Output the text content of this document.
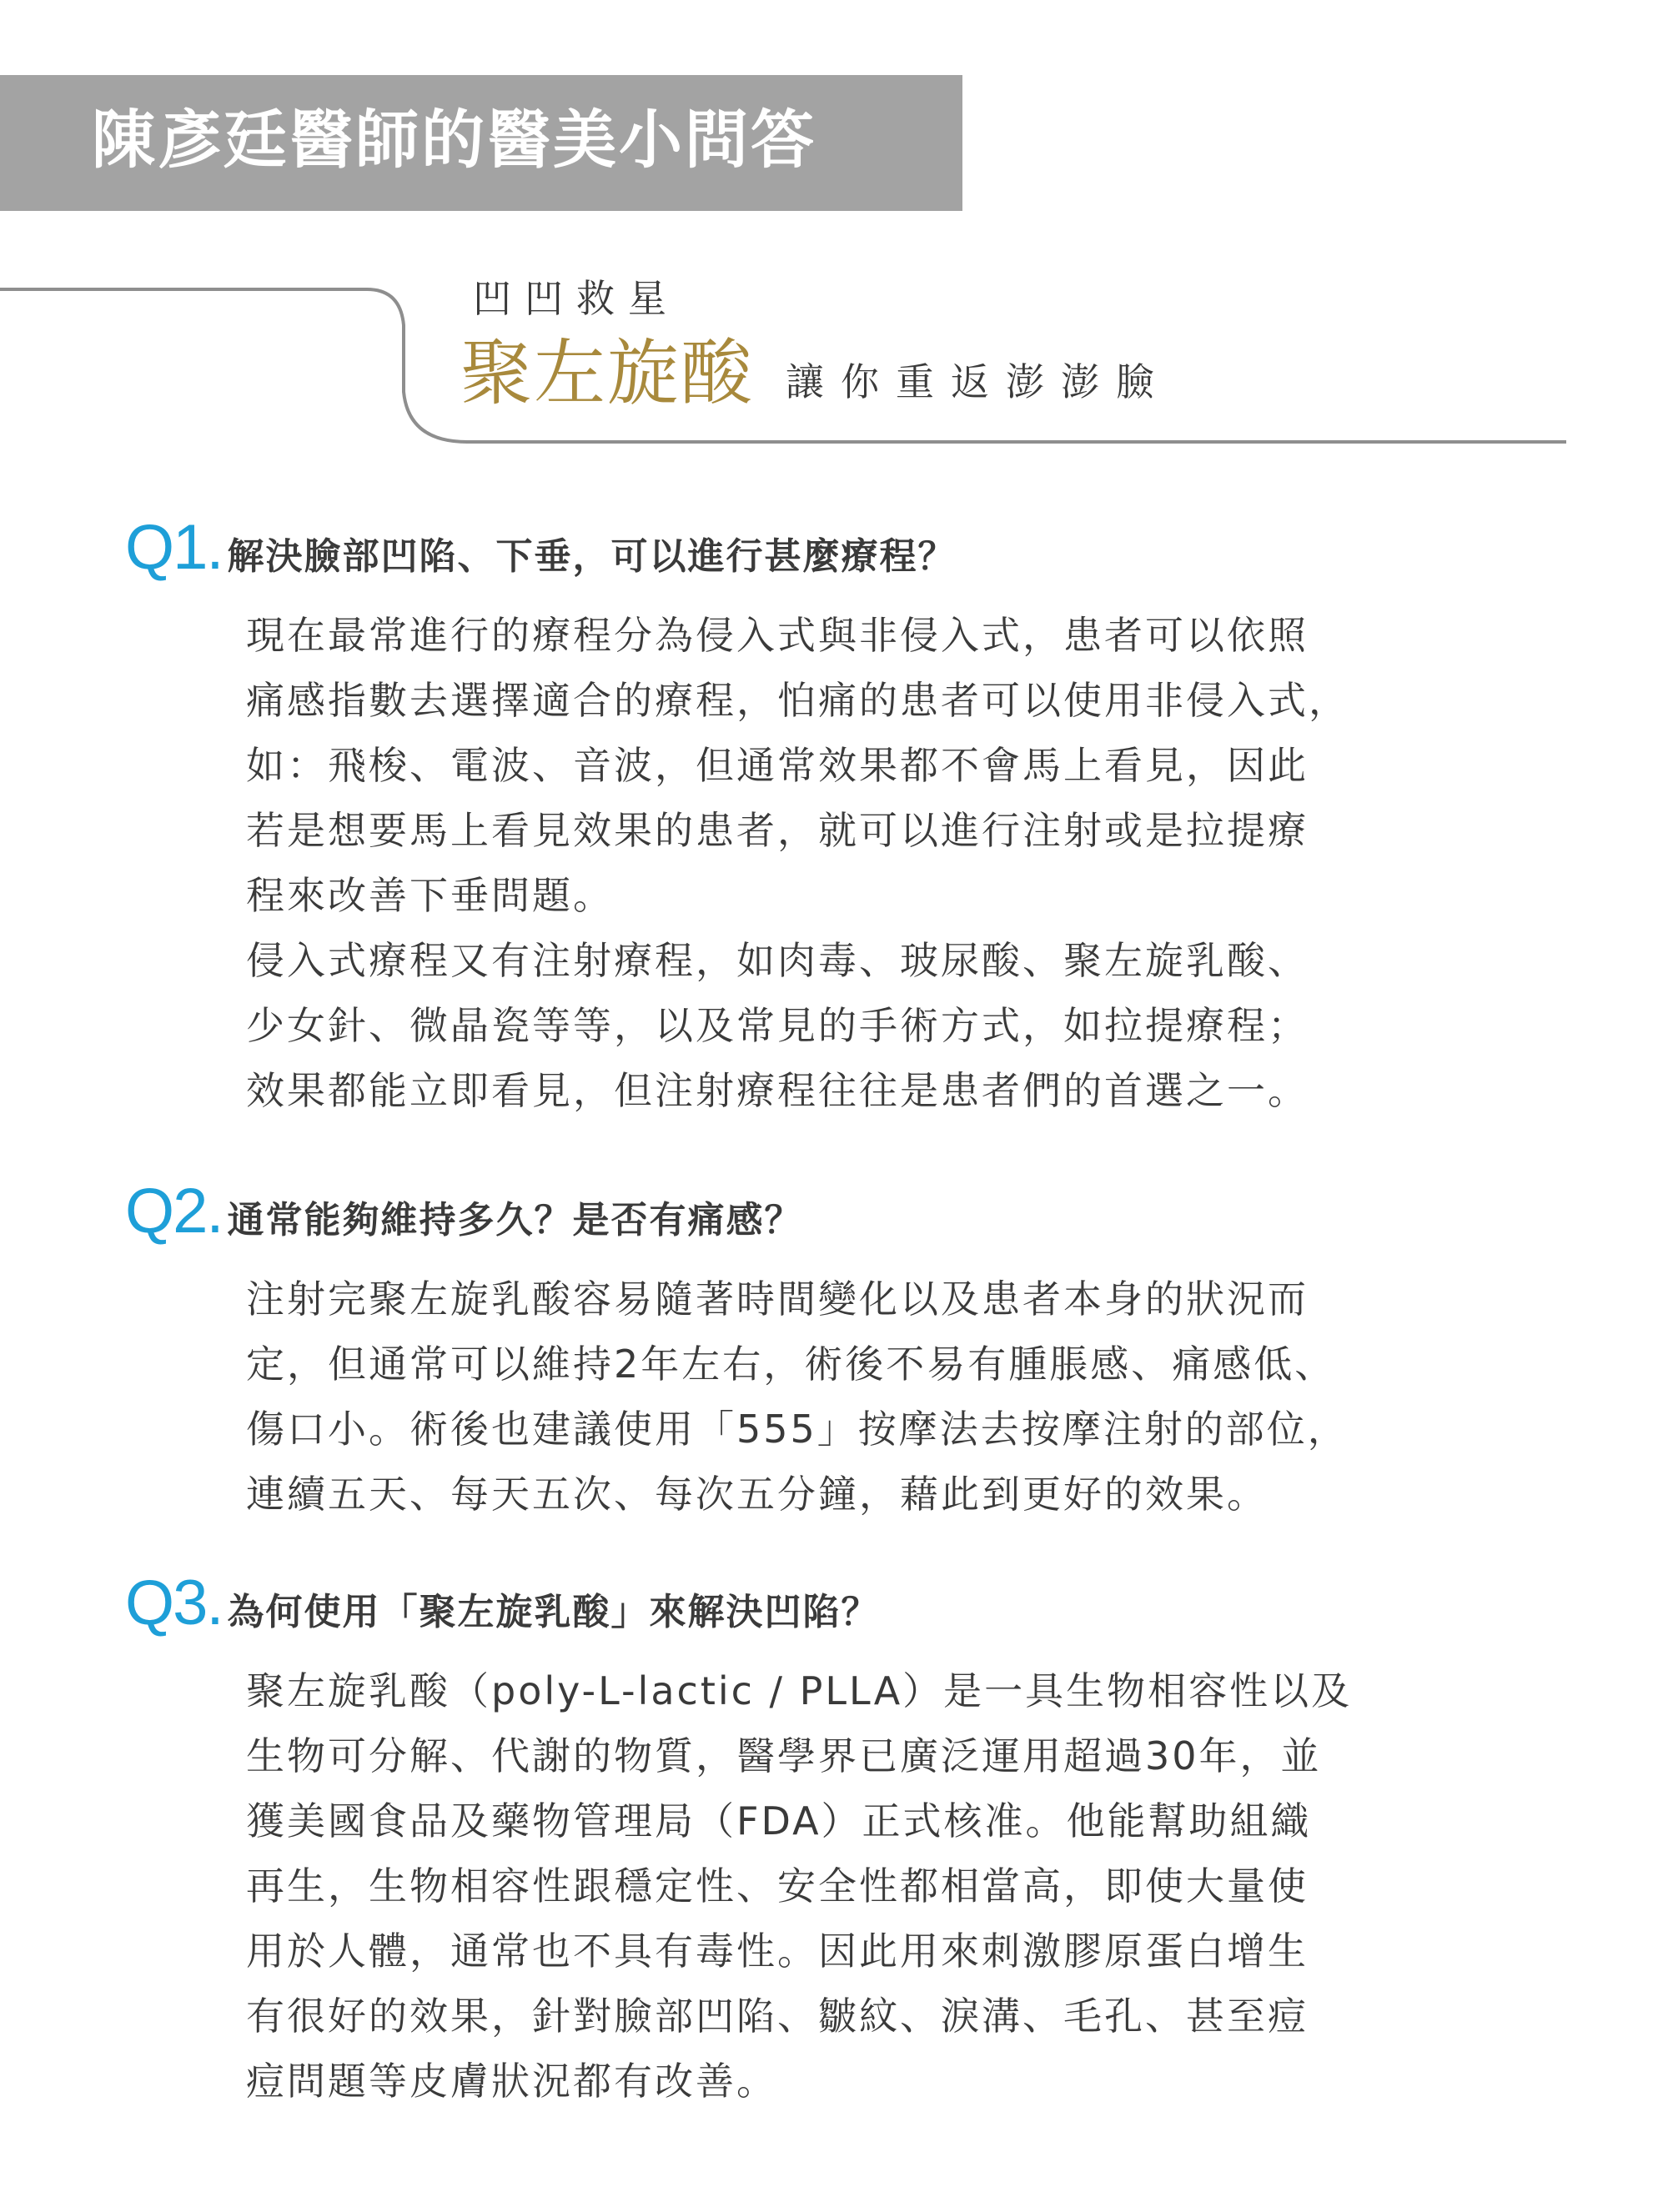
陳彥廷醫師的醫美小問答
凹凹救星
聚左旋酸 讓你重返澎澎臉
Q1. 解決臉部凹陷、下垂，可以進行甚麼療程？
現在最常進行的療程分為侵入式與非侵入式，患者可以依照
痛感指數去選擇適合的療程，怕痛的患者可以使用非侵入式，
如：飛梭、電波、音波，但通常效果都不會馬上看見，因此
若是想要馬上看見效果的患者，就可以進行注射或是拉提療
程來改善下垂問題。
侵入式療程又有注射療程，如肉毒、玻尿酸、聚左旋乳酸、
少女針、微晶瓷等等，以及常見的手術方式，如拉提療程；
效果都能立即看見，但注射療程往往是患者們的首選之一。
Q2. 通常能夠維持多久？是否有痛感？
注射完聚左旋乳酸容易隨著時間變化以及患者本身的狀況而
定，但通常可以維持2年左右，術後不易有腫脹感、痛感低、
傷口小。術後也建議使用「555」按摩法去按摩注射的部位，
連續五天、每天五次、每次五分鐘，藉此到更好的效果。
Q3. 為何使用「聚左旋乳酸」來解決凹陷？
聚左旋乳酸（poly-L-lactic / PLLA）是一具生物相容性以及
生物可分解、代謝的物質，醫學界已廣泛運用超過30年，並
獲美國食品及藥物管理局（FDA）正式核准。他能幫助組織
再生，生物相容性跟穩定性、安全性都相當高，即使大量使
用於人體，通常也不具有毒性。因此用來刺激膠原蛋白增生
有很好的效果，針對臉部凹陷、皺紋、淚溝、毛孔、甚至痘
痘問題等皮膚狀況都有改善。
